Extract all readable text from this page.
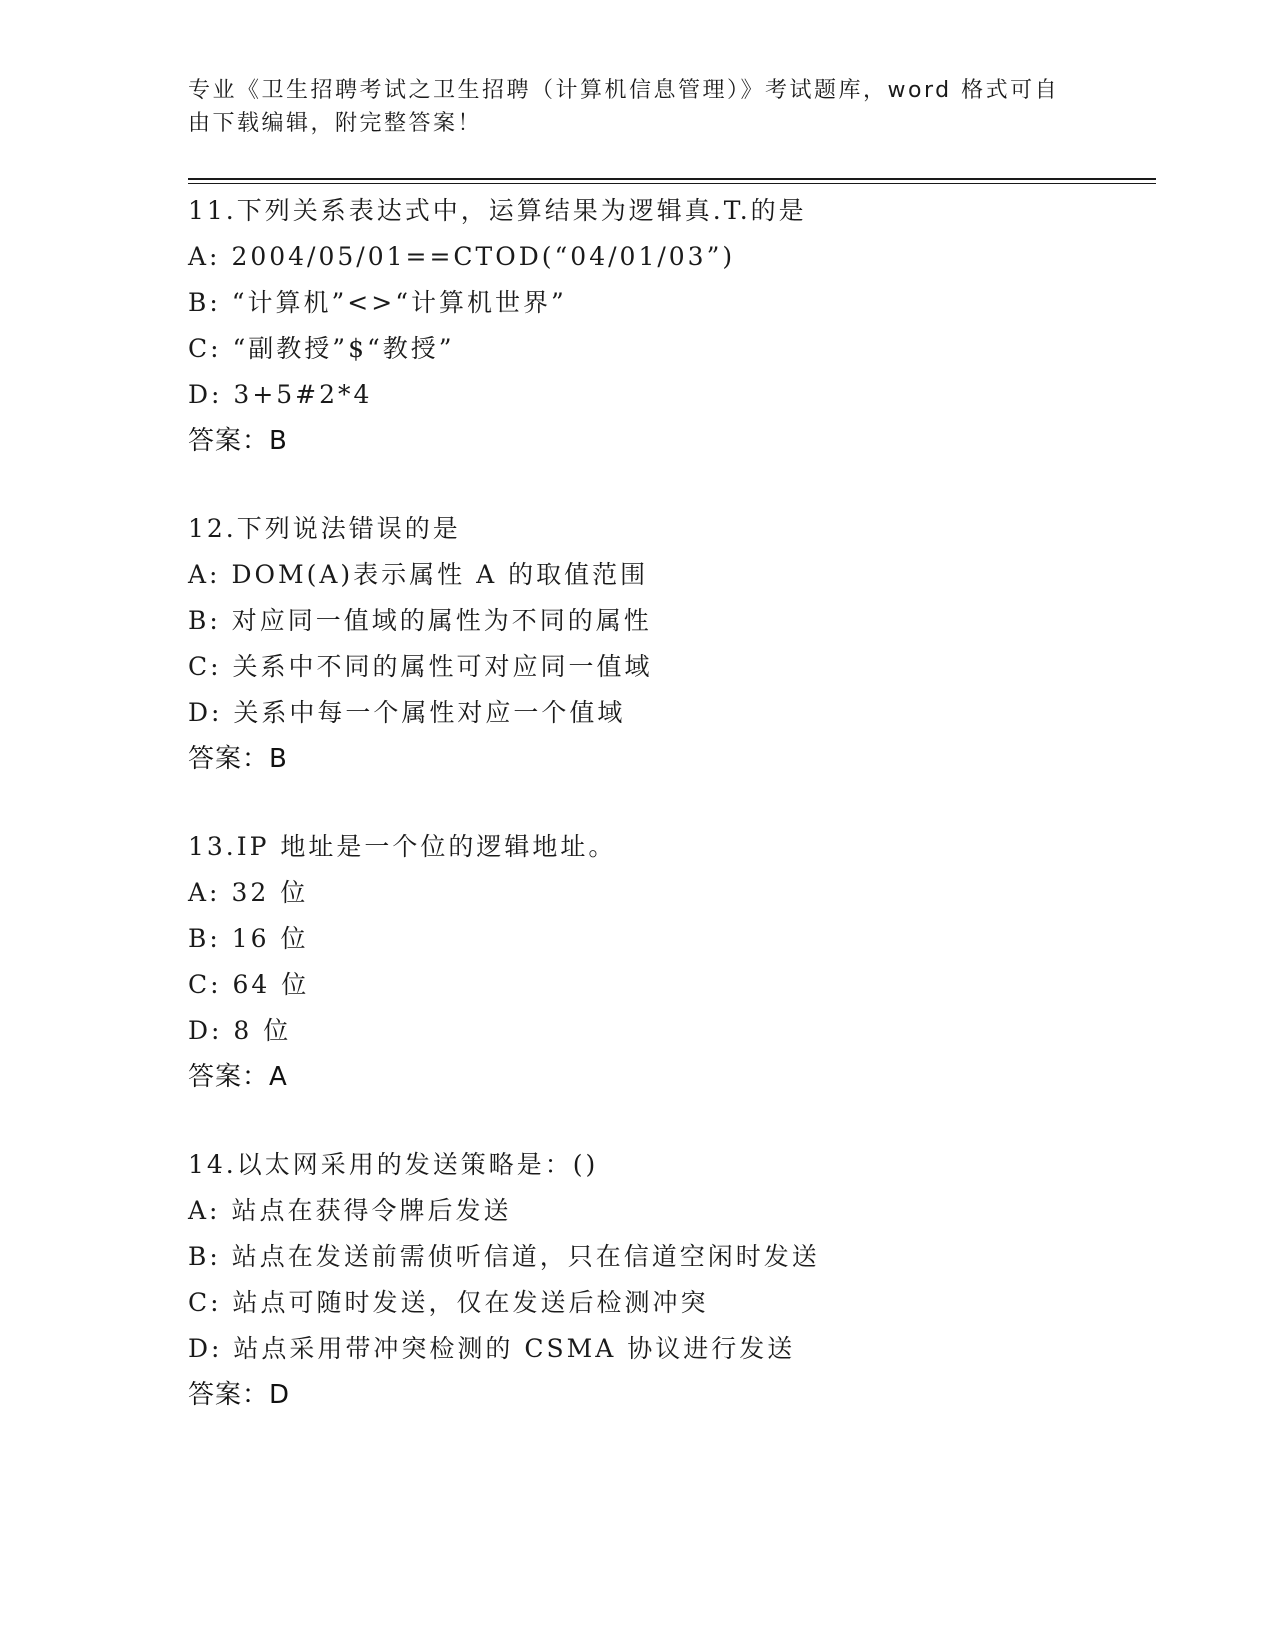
专业《卫生招聘考试之卫生招聘（计算机信息管理）》考试题库，word 格式可自
由下载编辑，附完整答案！
11.下列关系表达式中，运算结果为逻辑真.T.的是
A: 2004/05/01==CTOD(“04/01/03”)
B: “计算机”<>“计算机世界”
C: “副教授”$“教授”
D: 3+5#2*4
答案：B
12.下列说法错误的是
A: DOM(A)表示属性 A 的取值范围
B: 对应同一值域的属性为不同的属性
C: 关系中不同的属性可对应同一值域
D: 关系中每一个属性对应一个值域
答案：B
13.IP 地址是一个位的逻辑地址。
A: 32 位
B: 16 位
C: 64 位
D: 8 位
答案：A
14.以太网采用的发送策略是：()
A: 站点在获得令牌后发送
B: 站点在发送前需侦听信道，只在信道空闲时发送
C: 站点可随时发送，仅在发送后检测冲突
D: 站点采用带冲突检测的 CSMA 协议进行发送
答案：D
